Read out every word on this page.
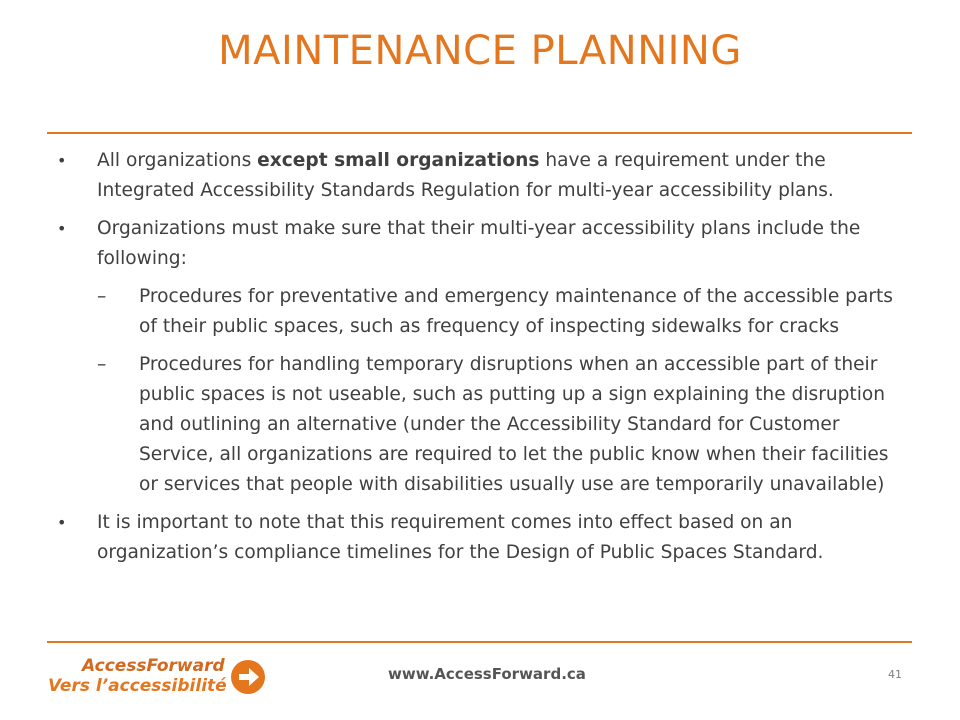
MAINTENANCE PLANNING
• All organizations except small organizations have a requirement under the Integrated Accessibility Standards Regulation for multi-year accessibility plans.
• Organizations must make sure that their multi-year accessibility plans include the following:
– Procedures for preventative and emergency maintenance of the accessible parts of their public spaces, such as frequency of inspecting sidewalks for cracks
– Procedures for handling temporary disruptions when an accessible part of their public spaces is not useable, such as putting up a sign explaining the disruption and outlining an alternative (under the Accessibility Standard for Customer Service, all organizations are required to let the public know when their facilities or services that people with disabilities usually use are temporarily unavailable)
• It is important to note that this requirement comes into effect based on an organization’s compliance timelines for the Design of Public Spaces Standard.
AccessForward
Vers l’accessibilité
www.AccessForward.ca	41
